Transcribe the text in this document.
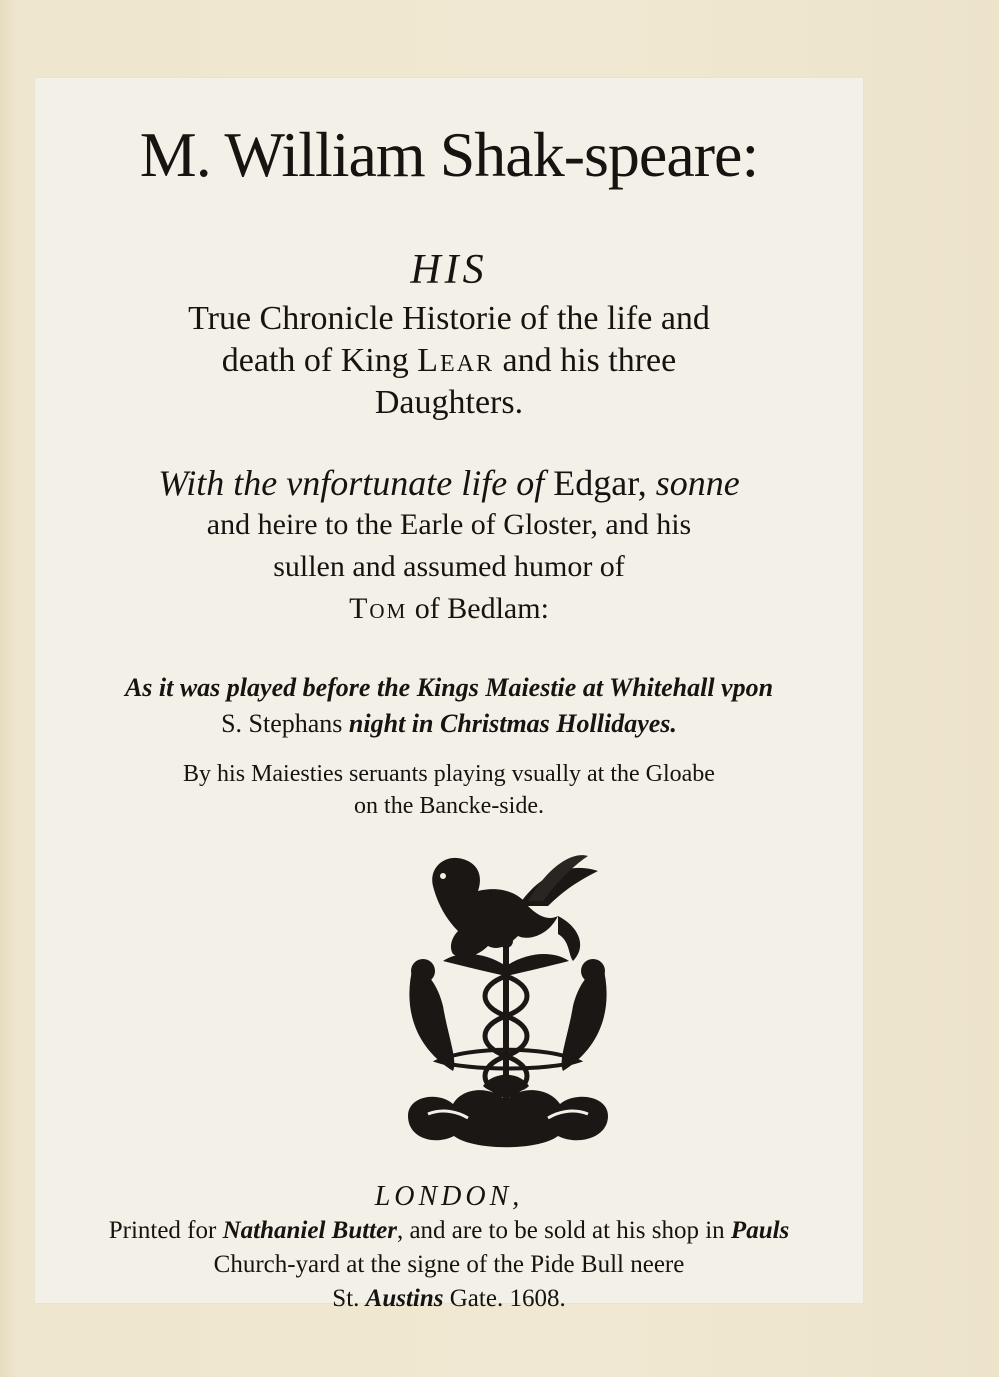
M. William Shak-speare:
HIS
True Chronicle Historie of the life and
death of King Lear and his three
Daughters.
With the vnfortunate life of Edgar, sonne
and heire to the Earle of Gloster, and his
sullen and assumed humor of
Tom of Bedlam:
As it was played before the Kings Maiestie at Whitehall vpon
S. Stephans night in Christmas Hollidayes.
By his Maiesties seruants playing vsually at the Gloabe
on the Bancke-side.
LONDON,
Printed for Nathaniel Butter, and are to be sold at his shop in Pauls
Church-yard at the signe of the Pide Bull neere
St. Austins Gate. 1608.
